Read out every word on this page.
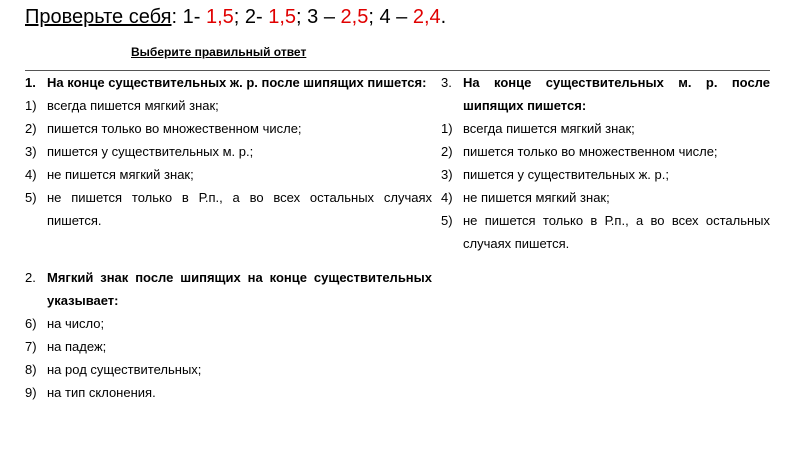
Проверьте себя: 1- 1,5; 2- 1,5; 3 – 2,5; 4 – 2,4.
Выберите правильный ответ
1. На конце существительных ж. р. после шипящих пишется:
1) всегда пишется мягкий знак;
2) пишется только во множественном числе;
3) пишется у существительных м. р.;
4) не пишется мягкий знак;
5) не пишется только в Р.п., а во всех остальных случаях пишется.
2. Мягкий знак после шипящих на конце существительных указывает:
6) на число;
7) на падеж;
8) на род существительных;
9) на тип склонения.
3. На конце существительных м. р. после шипящих пишется:
1) всегда пишется мягкий знак;
2) пишется только во множественном числе;
3) пишется у существительных ж. р.;
4) не пишется мягкий знак;
5) не пишется только в Р.п., а во всех остальных случаях пишется.
